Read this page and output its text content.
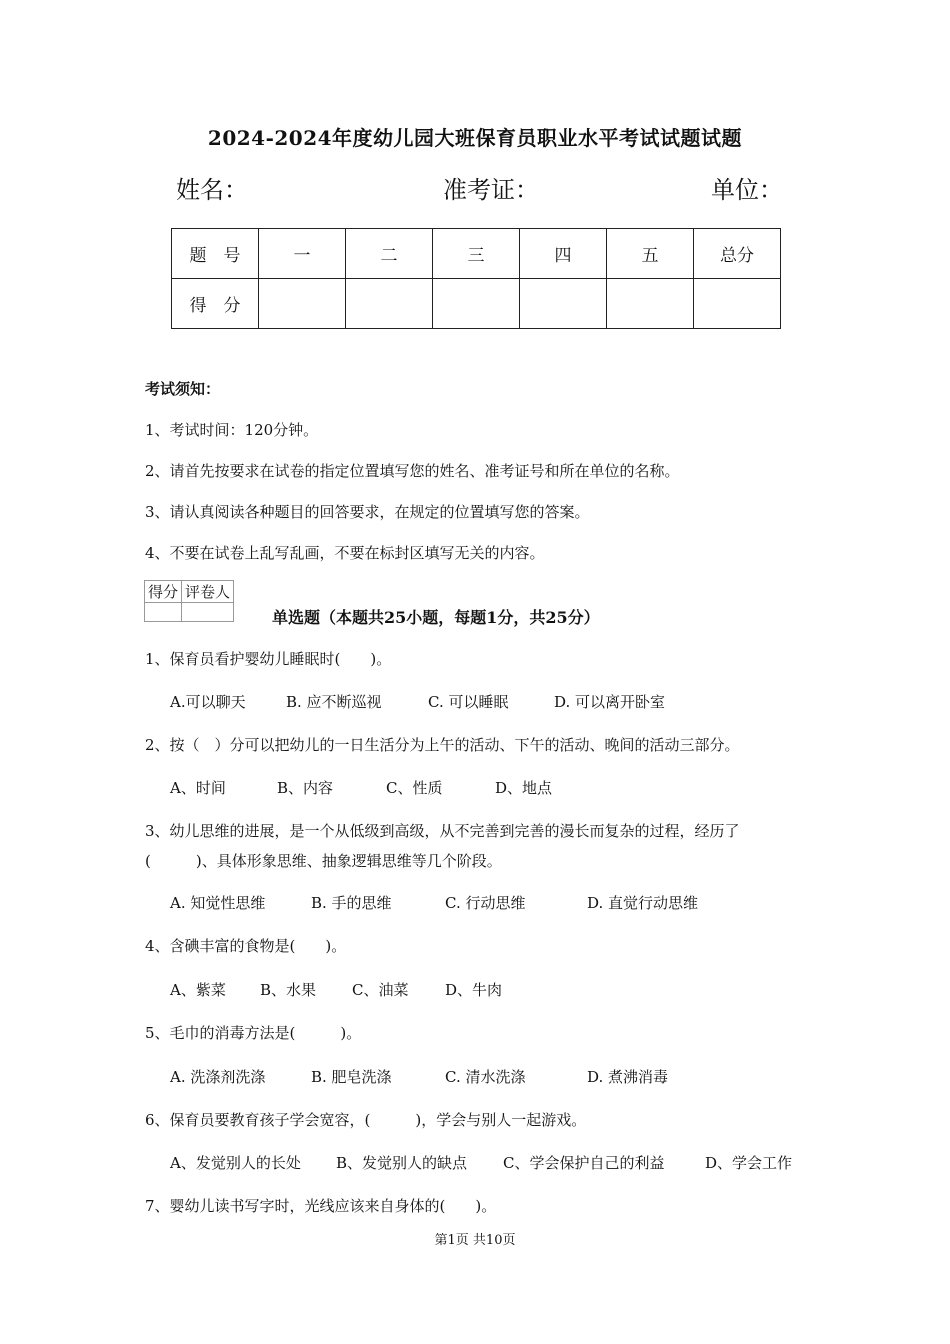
2024-2024年度幼儿园大班保育员职业水平考试试题试题
姓名：	准考证：	单位：
题　号	一	二	三	四	五	总分
得　分						
考试须知：
1、考试时间：120分钟。
2、请首先按要求在试卷的指定位置填写您的姓名、准考证号和所在单位的名称。
3、请认真阅读各种题目的回答要求，在规定的位置填写您的答案。
4、不要在试卷上乱写乱画，不要在标封区填写无关的内容。
得分	评卷人

单选题（本题共25小题，每题1分，共25分）
1、保育员看护婴幼儿睡眠时(　　)。
A.可以聊天	B. 应不断巡视	C. 可以睡眠	D. 可以离开卧室
2、按（　）分可以把幼儿的一日生活分为上午的活动、下午的活动、晚间的活动三部分。
A、时间	B、内容	C、性质	D、地点
3、幼儿思维的进展，是一个从低级到高级，从不完善到完善的漫长而复杂的过程，经历了
(　　　)、具体形象思维、抽象逻辑思维等几个阶段。
A. 知觉性思维	B. 手的思维	C. 行动思维	D. 直觉行动思维
4、含碘丰富的食物是(　　)。
A、紫菜 B、水果 C、油菜 D、牛肉
5、毛巾的消毒方法是(　　　)。
A. 洗涤剂洗涤	B. 肥皂洗涤	C. 清水洗涤	D. 煮沸消毒
6、保育员要教育孩子学会宽容，(　　　)，学会与别人一起游戏。
A、发觉别人的长处 B、发觉别人的缺点 C、学会保护自己的利益	D、学会工作
7、婴幼儿读书写字时，光线应该来自身体的(　　)。
第1页 共10页
